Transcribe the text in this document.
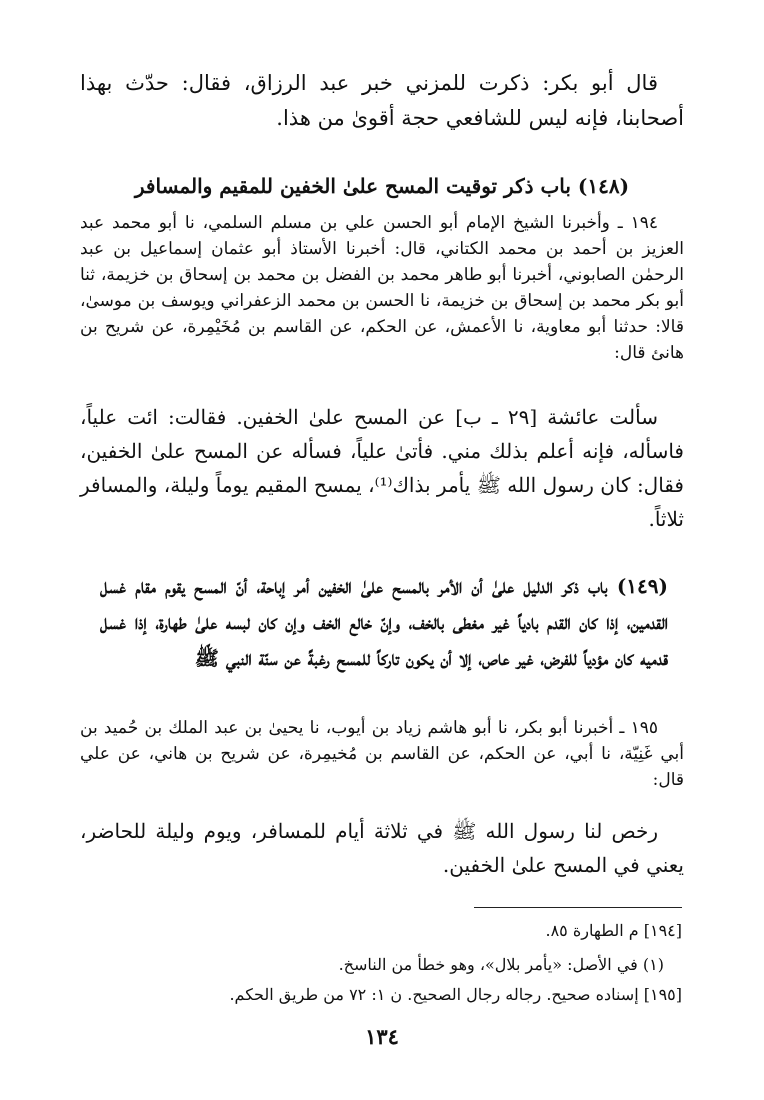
قال أبو بكر: ذكرت للمزني خبر عبد الرزاق، فقال: حدّث بهذا أصحابنا، فإنه ليس للشافعي حجة أقوىٰ من هذا.

(١٤٨) باب ذكر توقيت المسح علىٰ الخفين للمقيم والمسافر

١٩٤ ـ وأخبرنا الشيخ الإمام أبو الحسن علي بن مسلم السلمي، نا أبو محمد عبد العزيز بن أحمد بن محمد الكتاني، قال: أخبرنا الأستاذ أبو عثمان إسماعيل بن عبد الرحمٰن الصابوني، أخبرنا أبو طاهر محمد بن الفضل بن محمد بن إسحاق بن خزيمة، ثنا أبو بكر محمد بن إسحاق بن خزيمة، نا الحسن بن محمد الزعفراني ويوسف بن موسىٰ، قالا: حدثنا أبو معاوية، نا الأعمش، عن الحكم، عن القاسم بن مُخَيْمِرة، عن شريح بن هانئ قال:

سألت عائشة [٢٩ ـ ب] عن المسح علىٰ الخفين. فقالت: ائت علياً، فاسأله، فإنه أعلم بذلك مني. فأتىٰ علياً، فسأله عن المسح علىٰ الخفين، فقال: كان رسول الله ﷺ يأمر بذاك⁽¹⁾، يمسح المقيم يوماً وليلة، والمسافر ثلاثاً.

(١٤٩) باب ذكر الدليل علىٰ أن الأمر بالمسح علىٰ الخفين أمر إباحة، أنّ المسح يقوم مقام غسل القدمين، إذا كان القدم بادياً غير مغطى بالخف، وإنّ خالع الخف وإن كان لبسه علىٰ طهارة، إذا غسل قدميه كان مؤدياً للفرض، غير عاص، إلا أن يكون تاركاً للمسح رغبةً عن سنّة النبي ﷺ

١٩٥ ـ أخبرنا أبو بكر، نا أبو هاشم زياد بن أيوب، نا يحيىٰ بن عبد الملك بن حُميد بن أبي غَنِيّة، نا أبي، عن الحكم، عن القاسم بن مُخيمِرة، عن شريح بن هاني، عن علي قال:

رخص لنا رسول الله ﷺ في ثلاثة أيام للمسافر، ويوم وليلة للحاضر، يعني في المسح علىٰ الخفين.

[١٩٤] م الطهارة ٨٥.
(١) في الأصل: «يأمر بلال»، وهو خطأ من الناسخ.
[١٩٥] إسناده صحيح. رجاله رجال الصحيح. ن ١: ٧٢ من طريق الحكم.
١٣٤
